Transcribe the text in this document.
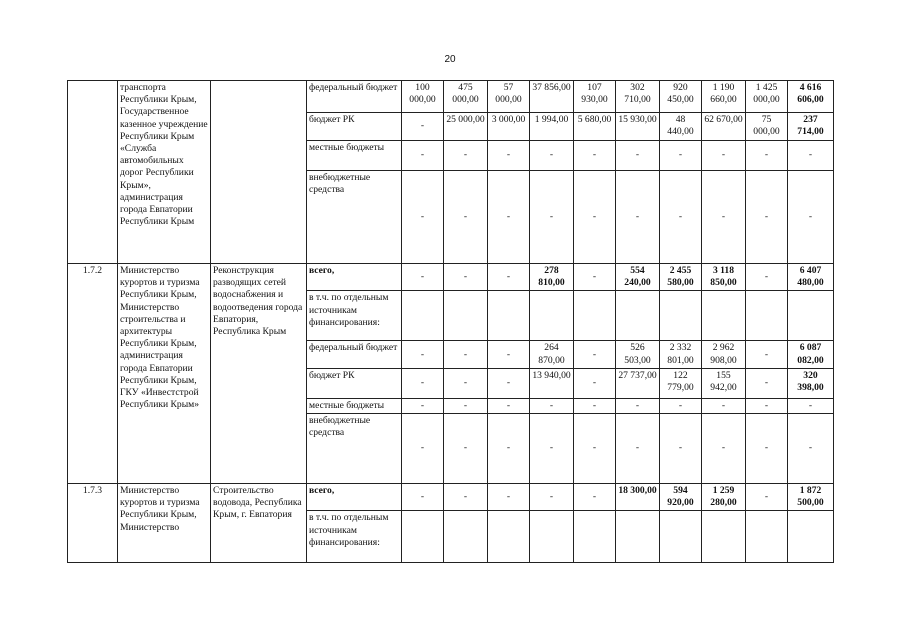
20
	транспорта Республики Крым, Государственное казенное учреждение Республики Крым «Служба автомобильных дорог Республики Крым», администрация города Евпатории Республики Крым		федеральный бюджет	100 000,00	475 000,00	57 000,00	37 856,00	107 930,00	302 710,00	920 450,00	1 190 660,00	1 425 000,00	4 616 606,00
			бюджет РК	-	25 000,00	3 000,00	1 994,00	5 680,00	15 930,00	48 440,00	62 670,00	75 000,00	237 714,00
			местные бюджеты	-	-	-	-	-	-	-	-	-	-
			внебюджетные средства	-	-	-	-	-	-	-	-	-	-
1.7.2	Министерство курортов и туризма Республики Крым, Министерство строительства и архитектуры Республики Крым, администрация города Евпатории Республики Крым, ГКУ «Инвестстрой Республики Крым»	Реконструкция разводящих сетей водоснабжения и водоотведения города Евпатория, Республика Крым	всего,	-	-	-	278 810,00	-	554 240,00	2 455 580,00	3 118 850,00	-	6 407 480,00
			в т.ч. по отдельным источникам финансирования:										
			федеральный бюджет	-	-	-	264 870,00	-	526 503,00	2 332 801,00	2 962 908,00	-	6 087 082,00
			бюджет РК	-	-	-	13 940,00	-	27 737,00	122 779,00	155 942,00	-	320 398,00
			местные бюджеты	-	-	-	-	-	-	-	-	-	-
			внебюджетные средства	-	-	-	-	-	-	-	-	-	-
1.7.3	Министерство курортов и туризма Республики Крым, Министерство	Строительство водовода, Республика Крым, г. Евпатория	всего,	-	-	-	-	-	18 300,00	594 920,00	1 259 280,00	-	1 872 500,00
			в т.ч. по отдельным источникам финансирования:										
